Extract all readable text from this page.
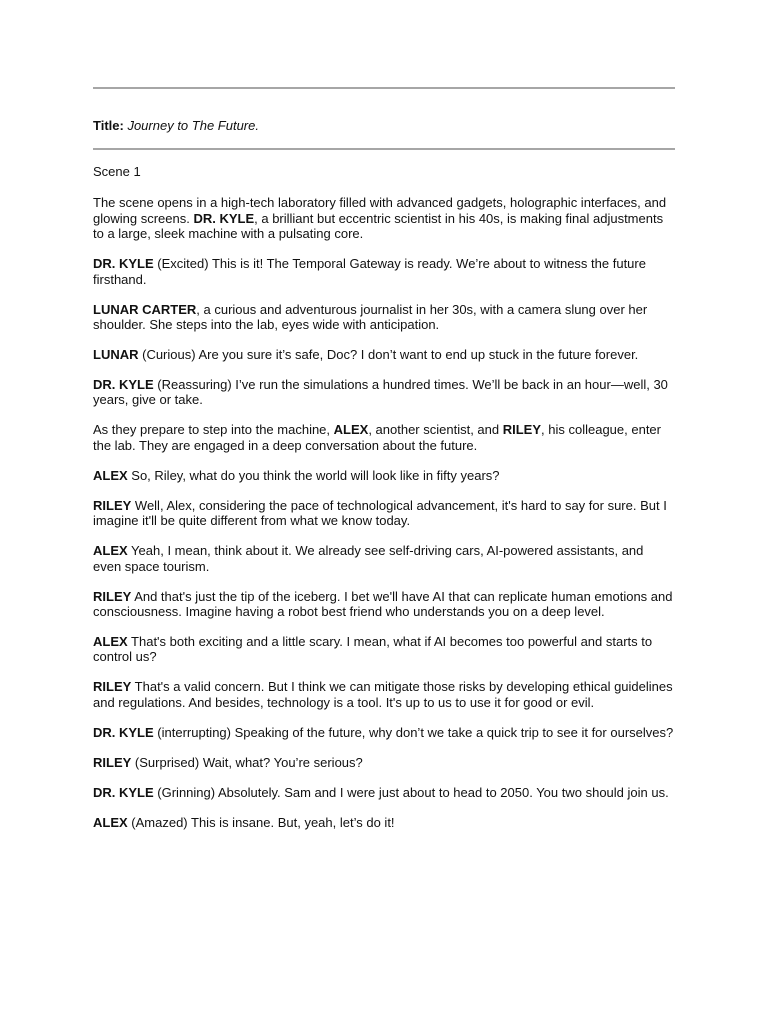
Title: Journey to The Future.

Scene 1

The scene opens in a high-tech laboratory filled with advanced gadgets, holographic interfaces, and glowing screens. DR. KYLE, a brilliant but eccentric scientist in his 40s, is making final adjustments to a large, sleek machine with a pulsating core.

DR. KYLE (Excited) This is it! The Temporal Gateway is ready. We’re about to witness the future firsthand.

LUNAR CARTER, a curious and adventurous journalist in her 30s, with a camera slung over her shoulder. She steps into the lab, eyes wide with anticipation.

LUNAR (Curious) Are you sure it’s safe, Doc? I don’t want to end up stuck in the future forever.

DR. KYLE (Reassuring) I’ve run the simulations a hundred times. We’ll be back in an hour—well, 30 years, give or take.

As they prepare to step into the machine, ALEX, another scientist, and RILEY, his colleague, enter the lab. They are engaged in a deep conversation about the future.

ALEX So, Riley, what do you think the world will look like in fifty years?

RILEY Well, Alex, considering the pace of technological advancement, it's hard to say for sure. But I imagine it'll be quite different from what we know today.

ALEX Yeah, I mean, think about it. We already see self-driving cars, AI-powered assistants, and even space tourism.

RILEY And that's just the tip of the iceberg. I bet we'll have AI that can replicate human emotions and consciousness. Imagine having a robot best friend who understands you on a deep level.

ALEX That's both exciting and a little scary. I mean, what if AI becomes too powerful and starts to control us?

RILEY That's a valid concern. But I think we can mitigate those risks by developing ethical guidelines and regulations. And besides, technology is a tool. It's up to us to use it for good or evil.

DR. KYLE (interrupting) Speaking of the future, why don’t we take a quick trip to see it for ourselves?

RILEY (Surprised) Wait, what? You’re serious?

DR. KYLE (Grinning) Absolutely. Sam and I were just about to head to 2050. You two should join us.

ALEX (Amazed) This is insane. But, yeah, let’s do it!
